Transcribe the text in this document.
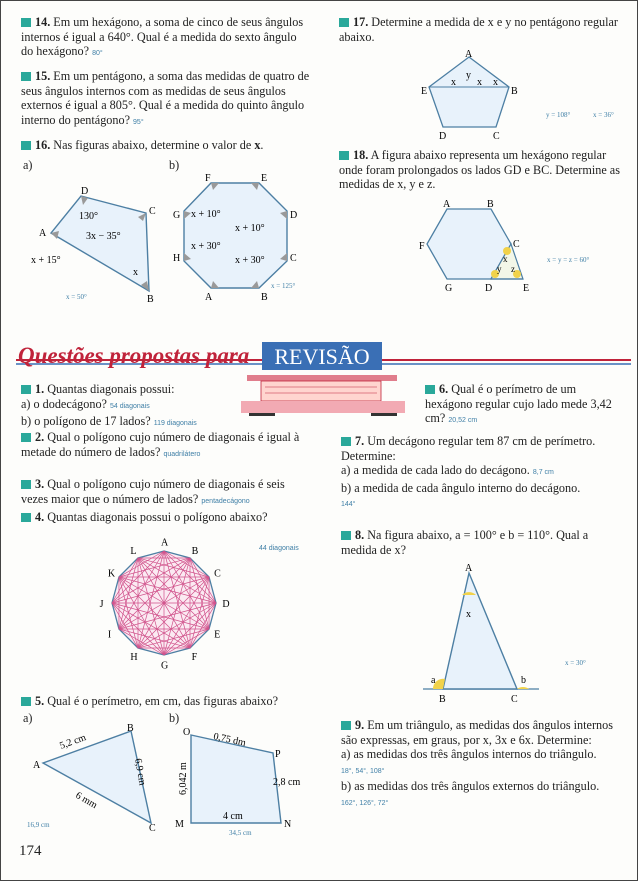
14. Em um hexágono, a soma de cinco de seus ângulos internos é igual a 640°. Qual é a medida do sexto ângulo do hexágono? 80°
15. Em um pentágono, a soma das medidas de quatro de seus ângulos internos com as medidas de seus ângulos externos é igual a 805°. Qual é a medida do quinto ângulo interno do pentágono? 95°
16. Nas figuras abaixo, determine o valor de x.
a)	b)
D
A
C
B
130°
3x − 35°
x + 15°
x
x = 50°
F	E
G	D
H	C
A	B
x + 10°
x + 10°
x + 30°
x + 30°
x = 125°
17. Determine a medida de x e y no pentágono regular abaixo.
A
E	B
D	C
x
y
x x
y = 108°	x = 36°
18. A figura abaixo representa um hexágono regular onde foram prolongados os lados GD e BC. Determine as medidas de x, y e z.
A	B
F	C
G	D	E
x
y z
x = y = z = 60°
Questões propostas para REVISÃO
1. Quantas diagonais possui:
a) o dodecágono? 54 diagonais
b) o polígono de 17 lados? 119 diagonais
2. Qual o polígono cujo número de diagonais é igual à metade do número de lados? quadrilátero
3. Qual o polígono cujo número de diagonais é seis vezes maior que o número de lados? pentadecágono
4. Quantas diagonais possui o polígono abaixo?
44 diagonais
A
B
C
D
E
F
G
H
I
J
K
L
5. Qual é o perímetro, em cm, das figuras abaixo?
a)	b)
A
B
C
5,2 cm
6,9 cm
6 mm
16,9 cm
O
P
M	N
0,75 dm
6,042 m	2,8 cm
4 cm
34,5 cm
6. Qual é o perímetro de um hexágono regular cujo lado mede 3,42 cm? 20,52 cm
7. Um decágono regular tem 87 cm de perímetro. Determine:
a) a medida de cada lado do decágono. 8,7 cm
b) a medida de cada ângulo interno do decágono.
144°
8. Na figura abaixo, a = 100° e b = 110°. Qual a medida de x?
A
x
a	b
B	C
x = 30°
9. Em um triângulo, as medidas dos ângulos internos são expressas, em graus, por x, 3x e 6x. Determine:
a) as medidas dos três ângulos internos do triângulo.
18°, 54°, 108°
b) as medidas dos três ângulos externos do triângulo.
162°, 126°, 72°
174
